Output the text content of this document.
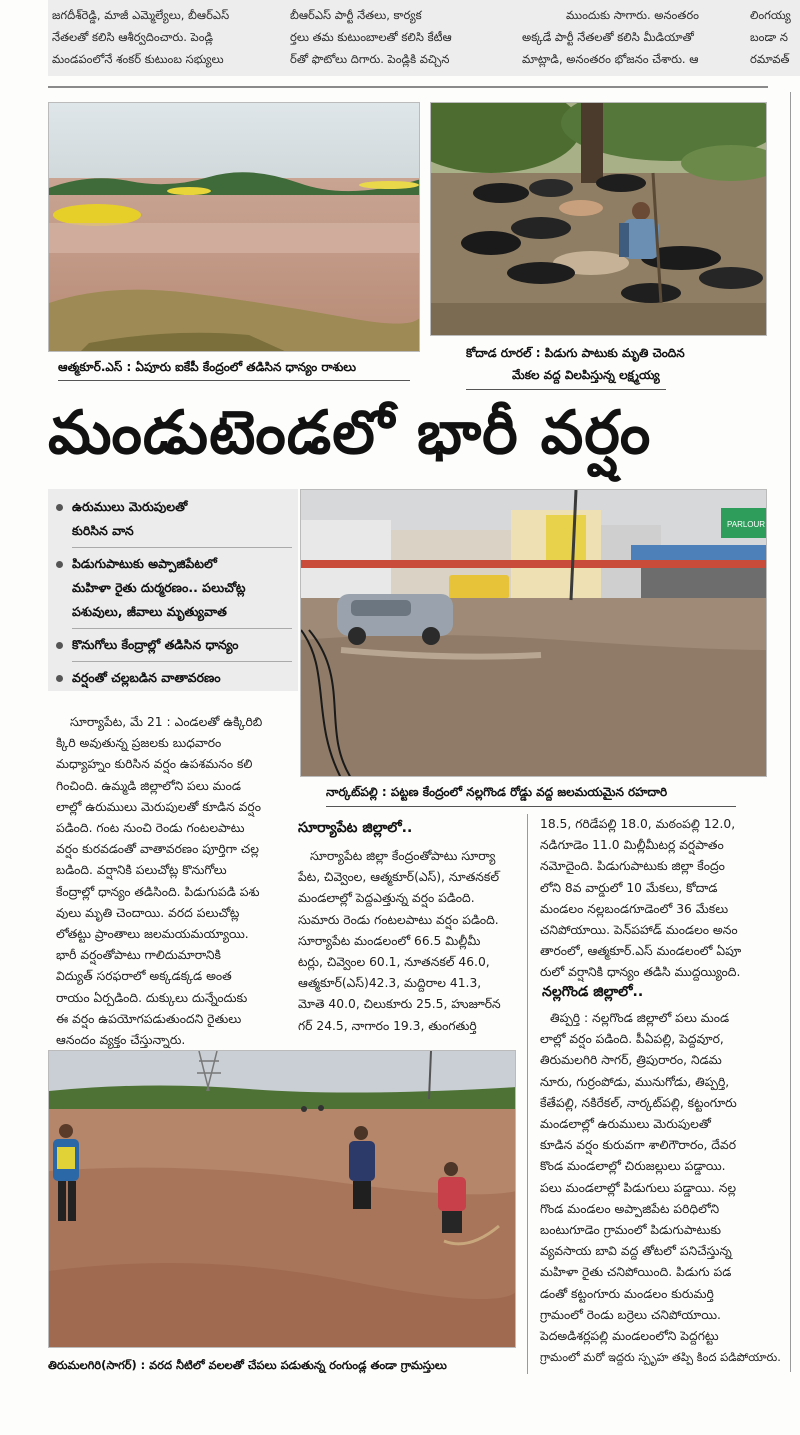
జగదీశ్‌రెడ్డి, మాజీ ఎమ్మెల్యేలు, బీఆర్‌ఎస్
నేతలతో కలిసి ఆశీర్వదించారు. పెండ్లి
మండపంలోనే శంకర్ కుటుంబ సభ్యులు
బీఆర్‌ఎస్ పార్టీ నేతలు, కార్యక
ర్తలు తమ కుటుంబాలతో కలిసి కేటీఆ
ర్‌తో ఫొటోలు దిగారు. పెండ్లికి వచ్చిన
ముందుకు సాగారు. అనంతరం
అక్కడే పార్టీ నేతలతో కలిసి మీడియాతో
మాట్లాడి, అనంతరం భోజనం చేశారు. ఆ
లింగయ్య
బండా న
రమావత్
ఆత్మకూర్.ఎస్ : ఏపూరు ఐకేపీ కేంద్రంలో తడిసిన ధాన్యం రాశులు
కోదాడ రూరల్ : పిడుగు పాటుకు మృతి చెందిన
మేకల వద్ద విలపిస్తున్న లక్ష్మయ్య
మండుటెండలో భారీ వర్షం
PARLOUR
నార్కట్‌పల్లి : పట్టణ కేంద్రంలో నల్లగొండ రోడ్డు వద్ద జలమయమైన రహదారి
ఉరుములు మెరుపులతో
కురిసిన వాన
పిడుగుపాటుకు అప్పాజిపేటలో
మహిళా రైతు దుర్మరణం.. పలుచోట్ల
పశువులు, జీవాలు మృత్యువాత
కొనుగోలు కేంద్రాల్లో తడిసిన ధాన్యం
వర్షంతో చల్లబడిన వాతావరణం
సూర్యాపేట, మే 21 : ఎండలతో ఉక్కిరిబి
క్కిరి అవుతున్న ప్రజలకు బుధవారం
మధ్యాహ్నం కురిసిన వర్షం ఉపశమనం కలి
గించింది. ఉమ్మడి జిల్లాలోని పలు మండ
లాల్లో ఉరుములు మెరుపులతో కూడిన వర్షం
పడింది. గంట నుంచి రెండు గంటలపాటు
వర్షం కురవడంతో వాతావరణం పూర్తిగా చల్ల
బడింది. వర్షానికి పలుచోట్ల కొనుగోలు
కేంద్రాల్లో ధాన్యం తడిసింది. పిడుగుపడి పశు
వులు మృతి చెందాయి. వరద పలుచోట్ల
లోతట్టు ప్రాంతాలు జలమయమయ్యాయి.
భారీ వర్షంతోపాటు గాలిదుమారానికి
విద్యుత్ సరఫరాలో అక్కడక్కడ అంత
రాయం ఏర్పడింది. దుక్కులు దున్నేందుకు
ఈ వర్షం ఉపయోగపడుతుందని రైతులు
ఆనందం వ్యక్తం చేస్తున్నారు.
సూర్యాపేట జిల్లాలో..
సూర్యాపేట జిల్లా కేంద్రంతోపాటు సూర్యా
పేట, చివ్వెంల, ఆత్మకూర్(ఎస్), నూతనకల్
మండలాల్లో పెద్దఎత్తున్న వర్షం పడింది.
సుమారు రెండు గంటలపాటు వర్షం పడింది.
సూర్యాపేట మండలంలో 66.5 మిల్లీమీ
టర్లు, చివ్వెంల 60.1, నూతనకల్ 46.0,
ఆత్మకూర్(ఎస్)42.3, మద్దిరాల 41.3,
మోతె 40.0, చిలుకూరు 25.5, హుజూర్‌న
గర్ 24.5, నాగారం 19.3, తుంగతుర్తి
18.5, గరిడేపల్లి 18.0, మఠంపల్లి 12.0,
నడిగూడెం 11.0 మిల్లీమీటర్ల వర్షపాతం
నమోదైంది. పిడుగుపాటుకు జిల్లా కేంద్రం
లోని 8వ వార్డులో 10 మేకలు, కోదాడ
మండలం నల్లబండగూడెంలో 36 మేకలు
చనిపోయాయి. పెన్‌పహాడ్ మండలం అనం
తారంలో, ఆత్మకూర్.ఎస్ మండలంలో ఏపూ
రులో వర్షానికి ధాన్యం తడిసి ముద్దయ్యింది.
నల్లగొండ జిల్లాలో..
తిప్పర్తి : నల్లగొండ జిల్లాలో పలు మండ
లాల్లో వర్షం పడింది. పీఏపల్లి, పెద్దవూర,
తిరుమలగిరి సాగర్, త్రిపురారం, నిడమ
నూరు, గుర్రంపోడు, మునుగోడు, తిప్పర్తి,
కేతేపల్లి, నకిరేకల్, నార్కట్‌పల్లి, కట్టంగూరు
మండలాల్లో ఉరుములు మెరుపులతో
కూడిన వర్షం కురువగా శాలిగౌరారం, దేవర
కొండ మండలాల్లో చిరుజల్లులు పడ్డాయి.
పలు మండలాల్లో పిడుగులు పడ్డాయి. నల్ల
గొండ మండలం అప్పాజిపేట పరిధిలోని
బంటుగూడెం గ్రామంలో పిడుగుపాటుకు
వ్యవసాయ బావి వద్ద తోటలో పనిచేస్తున్న
మహిళా రైతు చనిపోయింది. పిడుగు పడ
డంతో కట్టంగూరు మండలం కురుమర్తి
గ్రామంలో రెండు బర్రెలు చనిపోయాయి.
పెదఅడిశర్లపల్లి మండలంలోని పెద్దగట్టు
గ్రామంలో మరో ఇద్దరు స్పృహ తప్పి కింద పడిపోయారు.
తిరుమలగిరి(సాగర్) : వరద నీటిలో వలలతో చేపలు పడుతున్న రంగుండ్ల తండా గ్రామస్తులు
